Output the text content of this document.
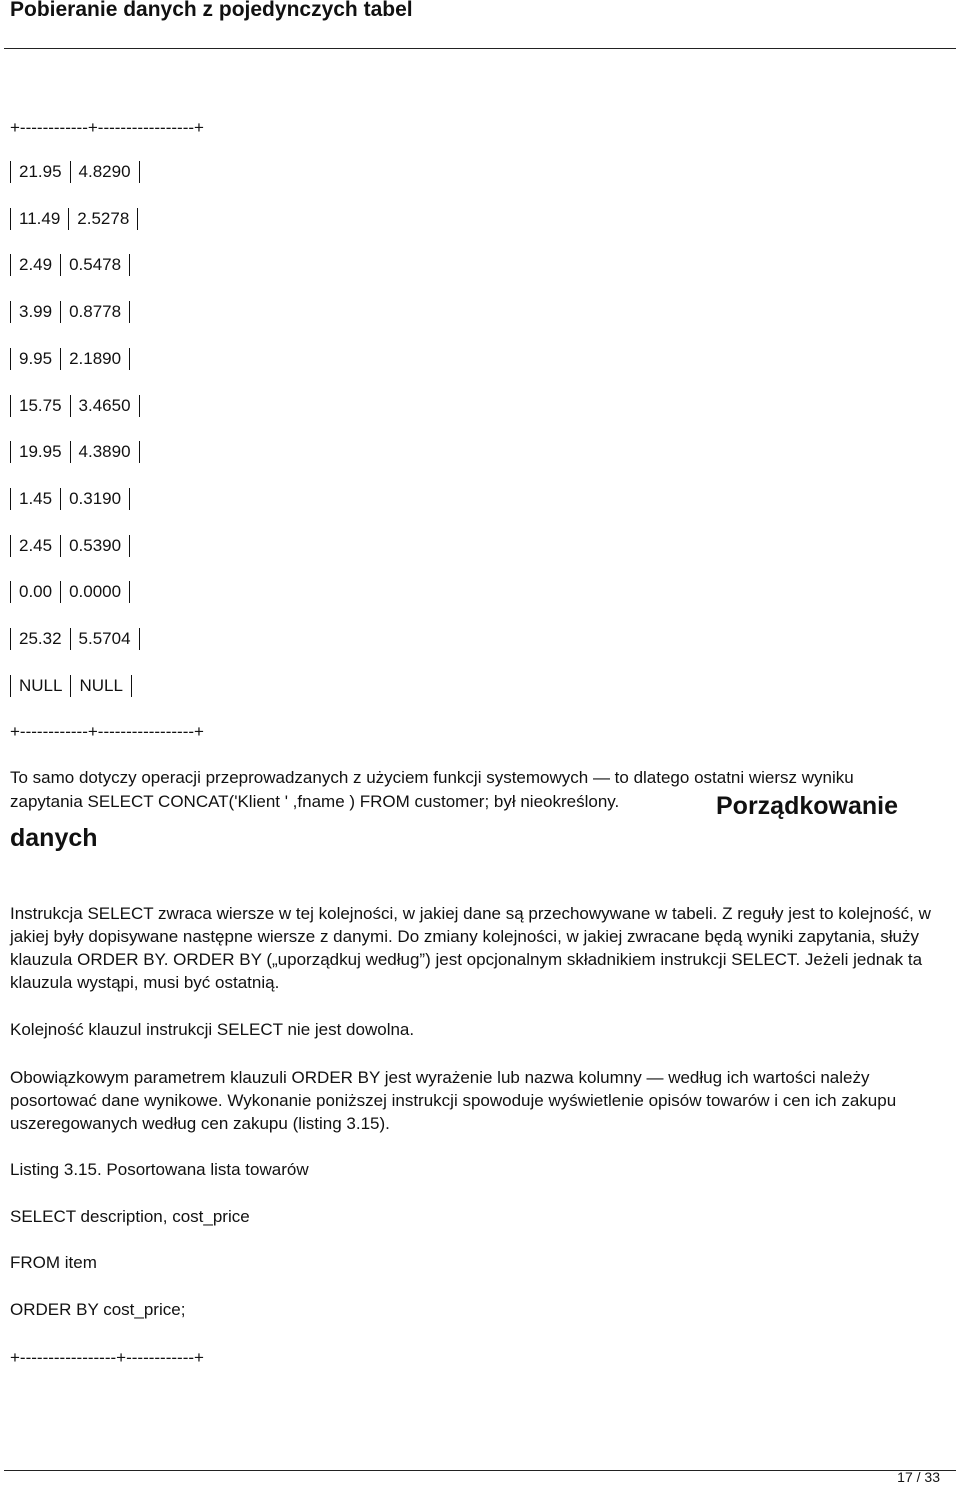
Pobieranie danych z pojedynczych tabel

+------------+-----------------+

21.95	4.8290
11.49	2.5278
2.49	0.5478
3.99	0.8778
9.95	2.1890
15.75	3.4650
19.95	4.3890
1.45	0.3190
2.45	0.5390
0.00	0.0000
25.32	5.5704
NULL	NULL

+------------+-----------------+

To samo dotyczy operacji przeprowadzanych z użyciem funkcji systemowych — to dlatego ostatni wiersz wyniku

zapytania SELECT CONCAT('Klient ' ,fname ) FROM customer; był nieokreślony.	Porządkowanie
danych

Instrukcja SELECT zwraca wiersze w tej kolejności, w jakiej dane są przechowywane w tabeli. Z reguły jest to kolejność, w jakiej były dopisywane następne wiersze z danymi. Do zmiany kolejności, w jakiej zwracane będą wyniki zapytania, służy klauzula ORDER BY. ORDER BY („uporządkuj według”) jest opcjonalnym składnikiem instrukcji SELECT. Jeżeli jednak ta klauzula wystąpi, musi być ostatnią.

Kolejność klauzul instrukcji SELECT nie jest dowolna.

Obowiązkowym parametrem klauzuli ORDER BY jest wyrażenie lub nazwa kolumny — według ich wartości należy posortować dane wynikowe. Wykonanie poniższej instrukcji spowoduje wyświetlenie opisów towarów i cen ich zakupu uszeregowanych według cen zakupu (listing 3.15).

Listing 3.15. Posortowana lista towarów

SELECT description, cost_price

FROM item

ORDER BY cost_price;

+-----------------+------------+

17 / 33
